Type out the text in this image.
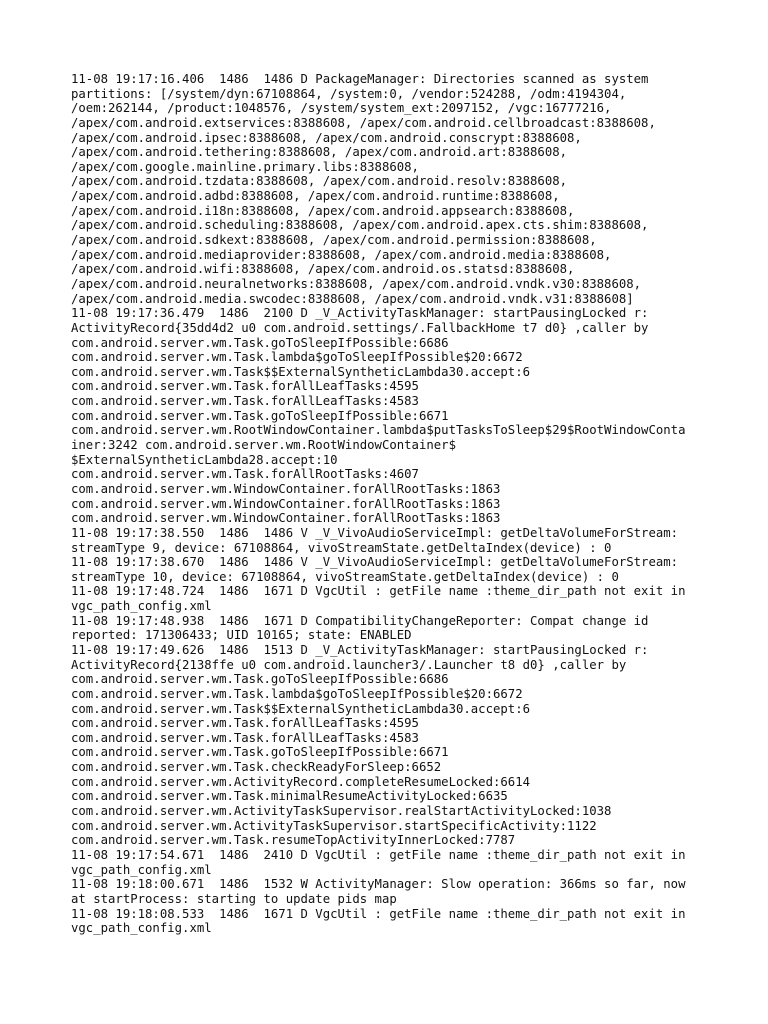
11-08 19:17:16.406  1486  1486 D PackageManager: Directories scanned as system
partitions: [/system/dyn:67108864, /system:0, /vendor:524288, /odm:4194304,
/oem:262144, /product:1048576, /system/system_ext:2097152, /vgc:16777216,
/apex/com.android.extservices:8388608, /apex/com.android.cellbroadcast:8388608,
/apex/com.android.ipsec:8388608, /apex/com.android.conscrypt:8388608,
/apex/com.android.tethering:8388608, /apex/com.android.art:8388608,
/apex/com.google.mainline.primary.libs:8388608,
/apex/com.android.tzdata:8388608, /apex/com.android.resolv:8388608,
/apex/com.android.adbd:8388608, /apex/com.android.runtime:8388608,
/apex/com.android.i18n:8388608, /apex/com.android.appsearch:8388608,
/apex/com.android.scheduling:8388608, /apex/com.android.apex.cts.shim:8388608,
/apex/com.android.sdkext:8388608, /apex/com.android.permission:8388608,
/apex/com.android.mediaprovider:8388608, /apex/com.android.media:8388608,
/apex/com.android.wifi:8388608, /apex/com.android.os.statsd:8388608,
/apex/com.android.neuralnetworks:8388608, /apex/com.android.vndk.v30:8388608,
/apex/com.android.media.swcodec:8388608, /apex/com.android.vndk.v31:8388608]
11-08 19:17:36.479  1486  2100 D _V_ActivityTaskManager: startPausingLocked r:
ActivityRecord{35dd4d2 u0 com.android.settings/.FallbackHome t7 d0} ,caller by
com.android.server.wm.Task.goToSleepIfPossible:6686
com.android.server.wm.Task.lambda$goToSleepIfPossible$20:6672
com.android.server.wm.Task$$ExternalSyntheticLambda30.accept:6
com.android.server.wm.Task.forAllLeafTasks:4595
com.android.server.wm.Task.forAllLeafTasks:4583
com.android.server.wm.Task.goToSleepIfPossible:6671
com.android.server.wm.RootWindowContainer.lambda$putTasksToSleep$29$RootWindowConta
iner:3242 com.android.server.wm.RootWindowContainer$
$ExternalSyntheticLambda28.accept:10
com.android.server.wm.Task.forAllRootTasks:4607
com.android.server.wm.WindowContainer.forAllRootTasks:1863
com.android.server.wm.WindowContainer.forAllRootTasks:1863
com.android.server.wm.WindowContainer.forAllRootTasks:1863
11-08 19:17:38.550  1486  1486 V _V_VivoAudioServiceImpl: getDeltaVolumeForStream:
streamType 9, device: 67108864, vivoStreamState.getDeltaIndex(device) : 0
11-08 19:17:38.670  1486  1486 V _V_VivoAudioServiceImpl: getDeltaVolumeForStream:
streamType 10, device: 67108864, vivoStreamState.getDeltaIndex(device) : 0
11-08 19:17:48.724  1486  1671 D VgcUtil : getFile name :theme_dir_path not exit in
vgc_path_config.xml
11-08 19:17:48.938  1486  1671 D CompatibilityChangeReporter: Compat change id
reported: 171306433; UID 10165; state: ENABLED
11-08 19:17:49.626  1486  1513 D _V_ActivityTaskManager: startPausingLocked r:
ActivityRecord{2138ffe u0 com.android.launcher3/.Launcher t8 d0} ,caller by
com.android.server.wm.Task.goToSleepIfPossible:6686
com.android.server.wm.Task.lambda$goToSleepIfPossible$20:6672
com.android.server.wm.Task$$ExternalSyntheticLambda30.accept:6
com.android.server.wm.Task.forAllLeafTasks:4595
com.android.server.wm.Task.forAllLeafTasks:4583
com.android.server.wm.Task.goToSleepIfPossible:6671
com.android.server.wm.Task.checkReadyForSleep:6652
com.android.server.wm.ActivityRecord.completeResumeLocked:6614
com.android.server.wm.Task.minimalResumeActivityLocked:6635
com.android.server.wm.ActivityTaskSupervisor.realStartActivityLocked:1038
com.android.server.wm.ActivityTaskSupervisor.startSpecificActivity:1122
com.android.server.wm.Task.resumeTopActivityInnerLocked:7787
11-08 19:17:54.671  1486  2410 D VgcUtil : getFile name :theme_dir_path not exit in
vgc_path_config.xml
11-08 19:18:00.671  1486  1532 W ActivityManager: Slow operation: 366ms so far, now
at startProcess: starting to update pids map
11-08 19:18:08.533  1486  1671 D VgcUtil : getFile name :theme_dir_path not exit in
vgc_path_config.xml
